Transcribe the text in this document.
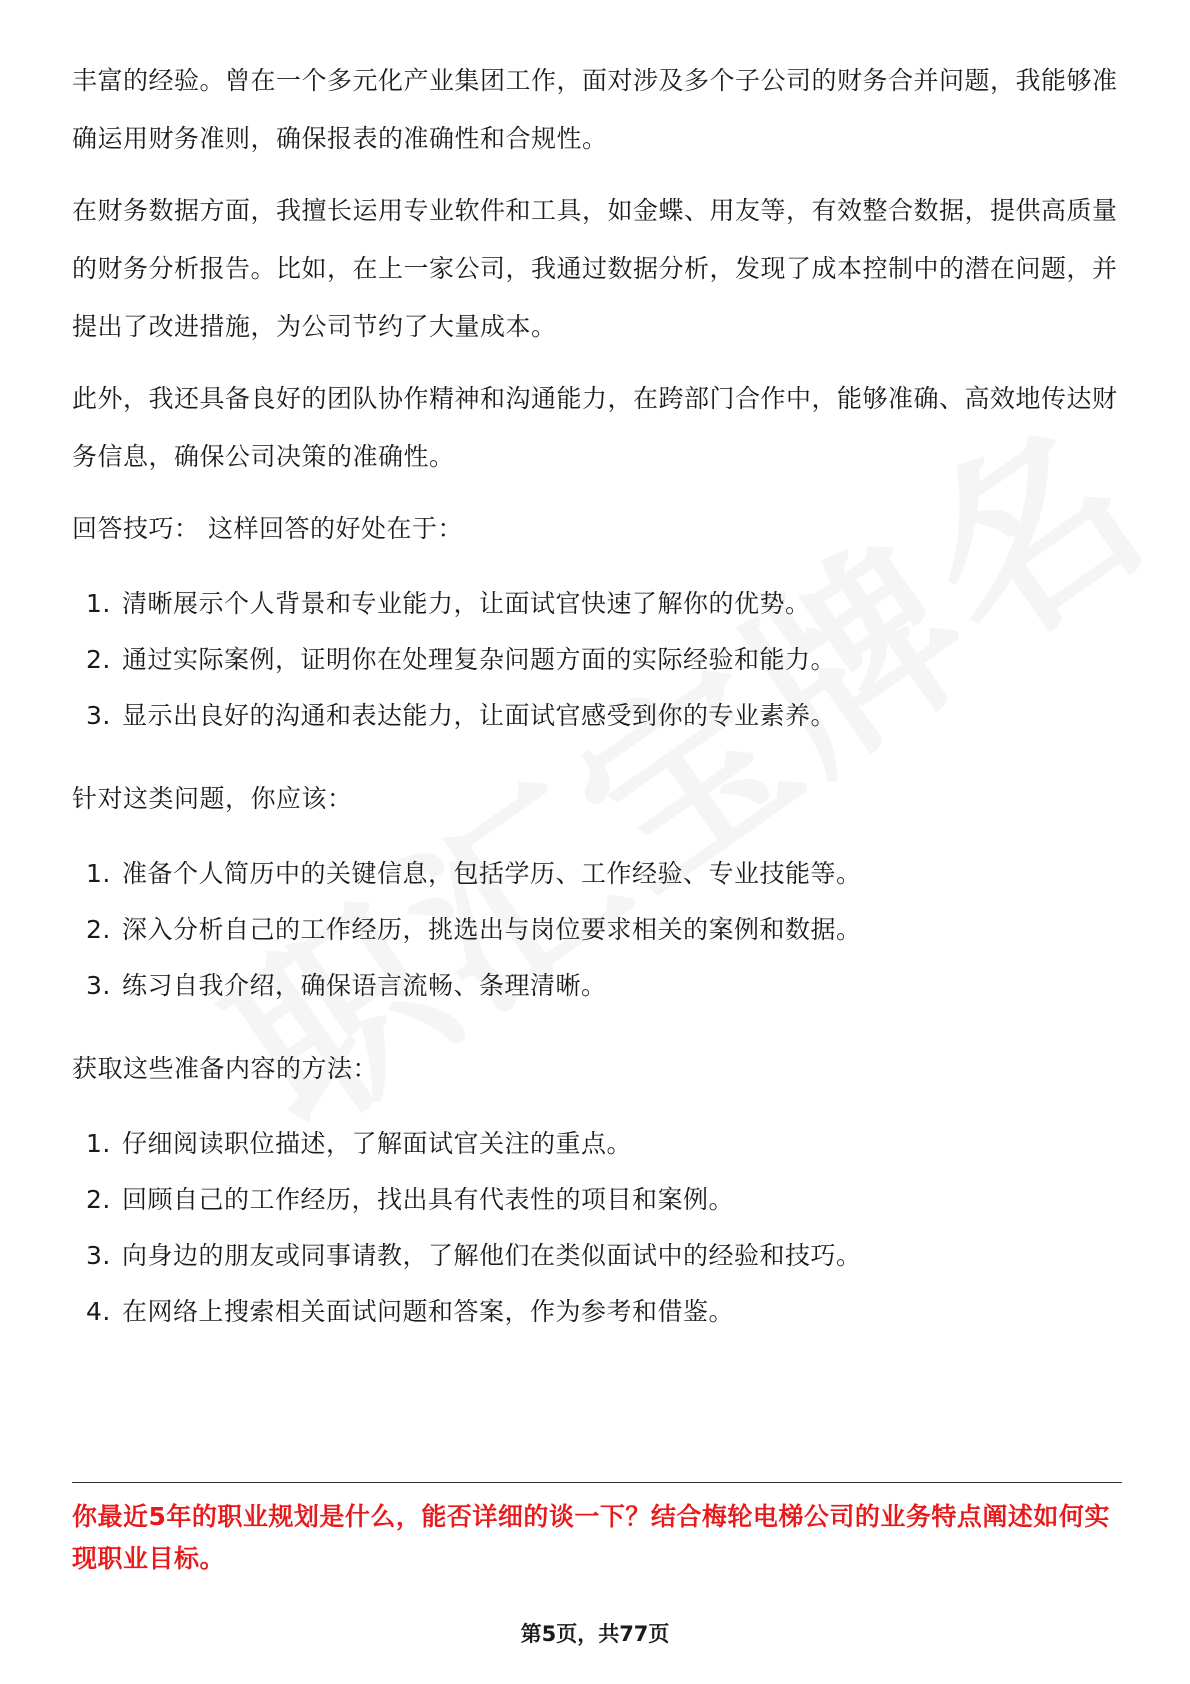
丰富的经验。曾在一个多元化产业集团工作，面对涉及多个子公司的财务合并问题，我能够准确运用财务准则，确保报表的准确性和合规性。

在财务数据方面，我擅长运用专业软件和工具，如金蝶、用友等，有效整合数据，提供高质量的财务分析报告。比如，在上一家公司，我通过数据分析，发现了成本控制中的潜在问题，并提出了改进措施，为公司节约了大量成本。

此外，我还具备良好的团队协作精神和沟通能力，在跨部门合作中，能够准确、高效地传达财务信息，确保公司决策的准确性。

回答技巧： 这样回答的好处在于：
1. 清晰展示个人背景和专业能力，让面试官快速了解你的优势。
2. 通过实际案例，证明你在处理复杂问题方面的实际经验和能力。
3. 显示出良好的沟通和表达能力，让面试官感受到你的专业素养。
针对这类问题，你应该：
1. 准备个人简历中的关键信息，包括学历、工作经验、专业技能等。
2. 深入分析自己的工作经历，挑选出与岗位要求相关的案例和数据。
3. 练习自我介绍，确保语言流畅、条理清晰。
获取这些准备内容的方法：
1. 仔细阅读职位描述，了解面试官关注的重点。
2. 回顾自己的工作经历，找出具有代表性的项目和案例。
3. 向身边的朋友或同事请教，了解他们在类似面试中的经验和技巧。
4. 在网络上搜索相关面试问题和答案，作为参考和借鉴。
你最近5年的职业规划是什么，能否详细的谈一下？结合梅轮电梯公司的业务特点阐述如何实现职业目标。
第5页，共77页
